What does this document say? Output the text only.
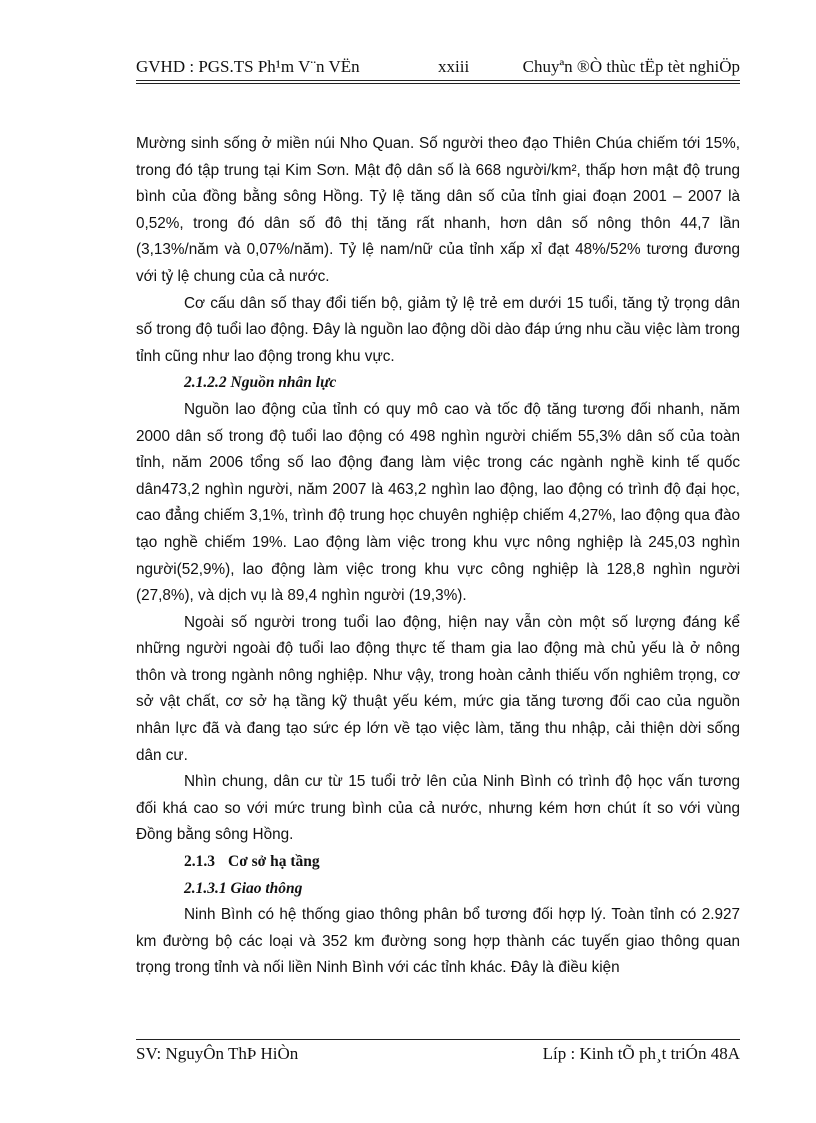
GVHD : PGS.TS Ph¹m V¨n VËn	xxiii	Chuyªn ®Ò thùc tËp tèt nghiÖp

Mường sinh sống ở miền núi Nho Quan. Số người theo đạo Thiên Chúa chiếm tới 15%, trong đó tập trung tại Kim Sơn. Mật độ dân số là 668 người/km², thấp hơn mật độ trung bình của đồng bằng sông Hồng. Tỷ lệ tăng dân số của tỉnh giai đoạn 2001 – 2007 là 0,52%, trong đó dân số đô thị tăng rất nhanh, hơn dân số nông thôn 44,7 lần (3,13%/năm và 0,07%/năm). Tỷ lệ nam/nữ của tỉnh xấp xỉ đạt 48%/52% tương đương với tỷ lệ chung của cả nước.

Cơ cấu dân số thay đổi tiến bộ, giảm tỷ lệ trẻ em dưới 15 tuổi, tăng tỷ trọng dân số trong độ tuổi lao động. Đây là nguồn lao động dồi dào đáp ứng nhu cầu việc làm trong tỉnh cũng như lao động trong khu vực.

2.1.2.2 Nguồn nhân lực

Nguồn lao động của tỉnh có quy mô cao và tốc độ tăng tương đối nhanh, năm 2000 dân số trong độ tuổi lao động có 498 nghìn người chiếm 55,3% dân số của toàn tỉnh, năm 2006 tổng số lao động đang làm việc trong các ngành nghề kinh tế quốc dân473,2 nghìn người, năm 2007 là 463,2 nghìn lao động, lao động có trình độ đại học, cao đẳng chiếm 3,1%, trình độ trung học chuyên nghiệp chiếm 4,27%, lao động qua đào tạo nghề chiếm 19%. Lao động làm việc trong khu vực nông nghiệp là 245,03 nghìn người(52,9%), lao động làm việc trong khu vực công nghiệp là 128,8 nghìn người (27,8%), và dịch vụ là 89,4 nghìn người (19,3%).

Ngoài số người trong tuổi lao động, hiện nay vẫn còn một số lượng đáng kể những người ngoài độ tuổi lao động thực tế tham gia lao động mà chủ yếu là ở nông thôn và trong ngành nông nghiệp. Như vậy, trong hoàn cảnh thiếu vốn nghiêm trọng, cơ sở vật chất, cơ sở hạ tầng kỹ thuật yếu kém, mức gia tăng tương đối cao của nguồn nhân lực đã và đang tạo sức ép lớn về tạo việc làm, tăng thu nhập, cải thiện dời sống dân cư.

Nhìn chung, dân cư từ 15 tuổi trở lên của Ninh Bình có trình độ học vấn tương đối khá cao so với mức trung bình của cả nước, nhưng kém hơn chút ít so với vùng Đồng bằng sông Hồng.

2.1.3 Cơ sở hạ tầng

2.1.3.1 Giao thông

Ninh Bình có hệ thống giao thông phân bổ tương đối hợp lý. Toàn tỉnh có 2.927 km đường bộ các loại và 352 km đường song hợp thành các tuyến giao thông quan trọng trong tỉnh và nối liền Ninh Bình với các tỉnh khác. Đây là điều kiện

SV: NguyÔn ThÞ HiÒn	Líp : Kinh tÕ ph¸t triÓn 48A
